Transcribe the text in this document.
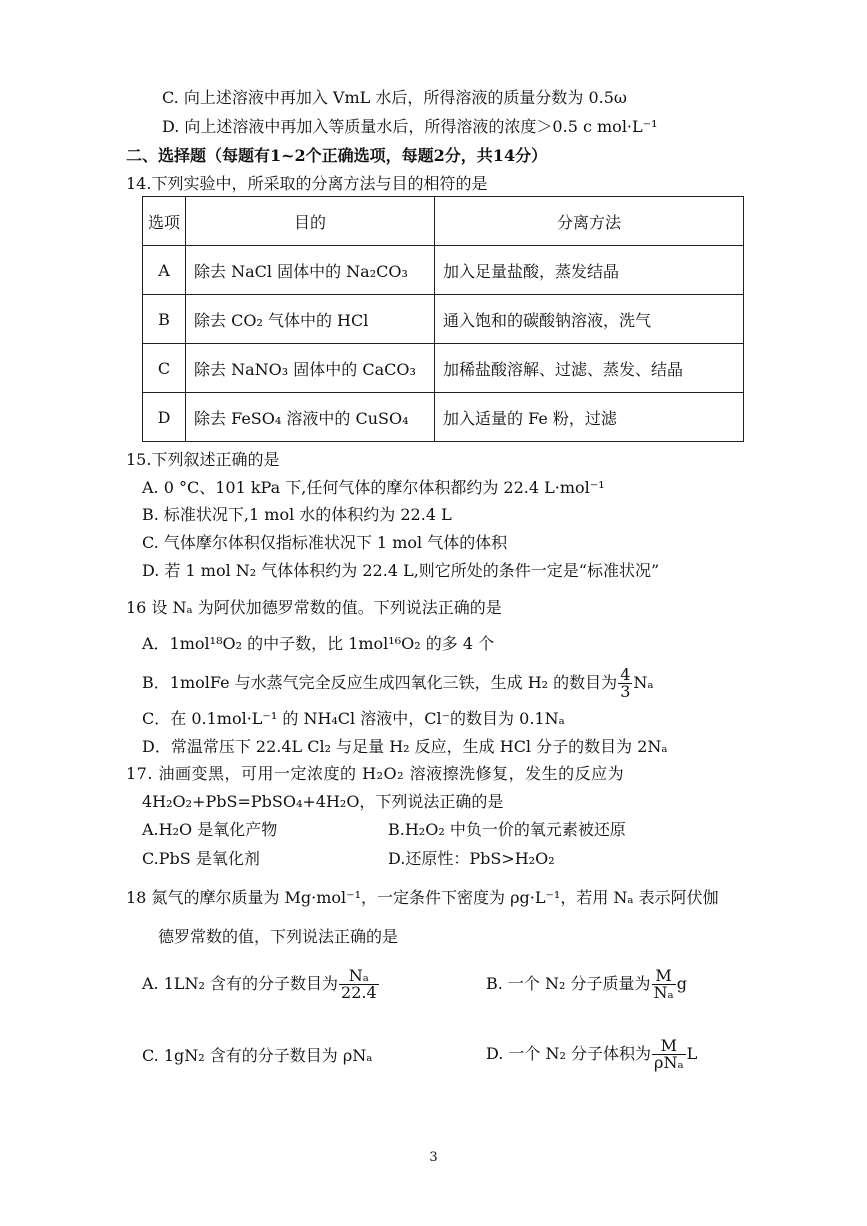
C. 向上述溶液中再加入 VmL 水后，所得溶液的质量分数为 0.5ω
D. 向上述溶液中再加入等质量水后，所得溶液的浓度＞0.5 c mol·L⁻¹
二、选择题（每题有1~2个正确选项，每题2分，共14分）
14.下列实验中，所采取的分离方法与目的相符的是
选项	目的	分离方法
A	除去 NaCl 固体中的 Na₂CO₃	加入足量盐酸，蒸发结晶
B	除去 CO₂ 气体中的 HCl	通入饱和的碳酸钠溶液，洗气
C	除去 NaNO₃ 固体中的 CaCO₃	加稀盐酸溶解、过滤、蒸发、结晶
D	除去 FeSO₄ 溶液中的 CuSO₄	加入适量的 Fe 粉，过滤
15.下列叙述正确的是
A. 0 °C、101 kPa 下,任何气体的摩尔体积都约为 22.4 L·mol⁻¹
B. 标准状况下,1 mol 水的体积约为 22.4 L
C. 气体摩尔体积仅指标准状况下 1 mol 气体的体积
D. 若 1 mol N₂ 气体体积约为 22.4 L,则它所处的条件一定是“标准状况”
16 设 Nₐ 为阿伏加德罗常数的值。下列说法正确的是
A．1mol¹⁸O₂ 的中子数，比 1mol¹⁶O₂ 的多 4 个
B．1molFe 与水蒸气完全反应生成四氧化三铁，生成 H₂ 的数目为 $\frac{4}{3}$ Nₐ
C．在 0.1mol·L⁻¹ 的 NH₄Cl 溶液中，Cl⁻的数目为 0.1Nₐ
D．常温常压下 22.4L Cl₂ 与足量 H₂ 反应，生成 HCl 分子的数目为 2Nₐ
17. 油画变黑，可用一定浓度的 H₂O₂ 溶液擦洗修复，发生的反应为
4H₂O₂+PbS=PbSO₄+4H₂O，下列说法正确的是
A.H₂O 是氧化产物	B.H₂O₂ 中负一价的氧元素被还原
C.PbS 是氧化剂	D.还原性：PbS>H₂O₂
18 氮气的摩尔质量为 Mg·mol⁻¹，一定条件下密度为 ρg·L⁻¹，若用 Nₐ 表示阿伏伽
德罗常数的值，下列说法正确的是
A. 1LN₂ 含有的分子数目为 $\frac{\text{Nₐ}}{22.4}$	B. 一个 N₂ 分子质量为 $\frac{M}{\text{Nₐ}}$ g
C. 1gN₂ 含有的分子数目为 ρNₐ	D. 一个 N₂ 分子体积为 $\frac{M}{\text{ρNₐ}}$ L
3
